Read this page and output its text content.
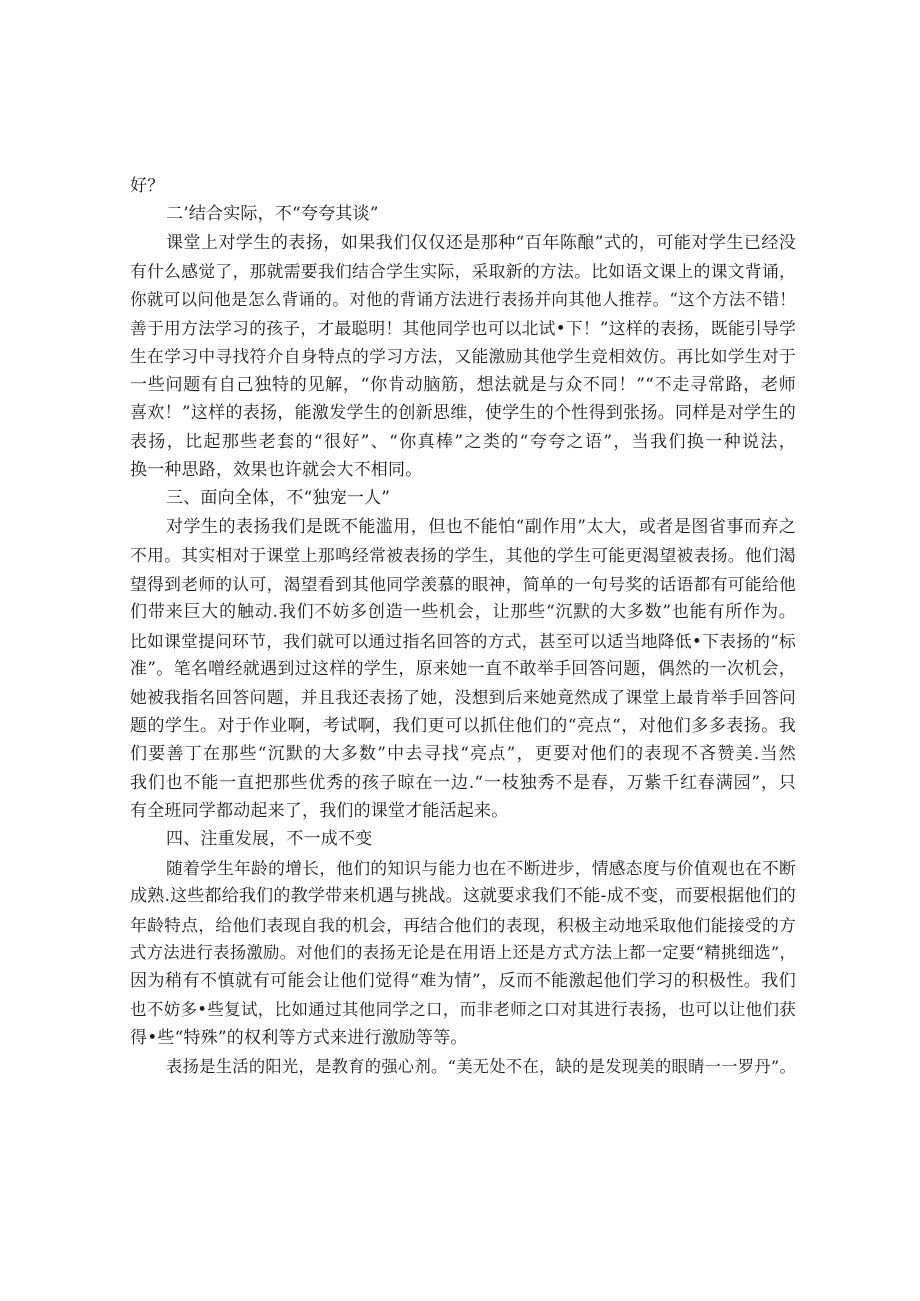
好？
二’结合实际，不“夸夸其谈”
课堂上对学生的表扬，如果我们仅仅还是那种“百年陈酿”式的，可能对学生已经没
有什么感觉了，那就需要我们结合学生实际，采取新的方法。比如语文课上的课文背诵，
你就可以问他是怎么背诵的。对他的背诵方法进行表扬并向其他人推荐。“这个方法不错！
善于用方法学习的孩子，才最聪明！其他同学也可以北试•下！”这样的表扬，既能引导学
生在学习中寻找符介自身特点的学习方法，又能激励其他学生竞相效仿。再比如学生对于
一些问题有自己独特的见解，“你肯动脑筋，想法就是与众不同！”“不走寻常路，老师
喜欢！”这样的表扬，能激发学生的创新思维，使学生的个性得到张扬。同样是对学生的
表扬，比起那些老套的“很好”、“你真棒”之类的“夸夸之语”，当我们换一种说法，
换一种思路，效果也许就会大不相同。
三、面向全体，不“独宠一人”
对学生的表扬我们是既不能滥用，但也不能怕“副作用”太大，或者是图省事而弃之
不用。其实相对于课堂上那鸣经常被表扬的学生，其他的学生可能更渴望被表扬。他们渴
望得到老师的认可，渴望看到其他同学羡慕的眼神，简单的一句号奖的话语都有可能给他
们带来巨大的触动.我们不妨多创造一些机会，让那些“沉默的大多数”也能有所作为。
比如课堂提问环节，我们就可以通过指名回答的方式，甚至可以适当地降低•下表扬的“标
准”。笔名噌经就遇到过这样的学生，原来她一直不敢举手回答问题，偶然的一次机会，
她被我指名回答问题，并且我还表扬了她，没想到后来她竟然成了课堂上最肯举手回答问
题的学生。对于作业啊，考试啊，我们更可以抓住他们的“亮点“，对他们多多表扬。我
们要善丁在那些“沉默的大多数”中去寻找“亮点”，更要对他们的表现不吝赞美.当然
我们也不能一直把那些优秀的孩子晾在一边.“一枝独秀不是春，万紫千红春满园”，只
有全班同学都动起来了，我们的课堂才能活起来。
四、注重发展，不一成不变
随着学生年龄的增长，他们的知识与能力也在不断进步，情感态度与价值观也在不断
成熟.这些都给我们的教学带来机遇与挑战。这就要求我们不能-成不变，而要根据他们的
年龄特点，给他们表现自我的机会，再结合他们的表现，积极主动地采取他们能接受的方
式方法进行表扬激励。对他们的表扬无论是在用语上还是方式方法上都一定要“精挑细选”，
因为稍有不慎就有可能会让他们觉得“难为情”，反而不能激起他们学习的积极性。我们
也不妨多•些复试，比如通过其他同学之口，而非老师之口对其进行表扬，也可以让他们获
得•些“特殊”的权利等方式来进行激励等等。
表扬是生活的阳光，是教育的强心剂。“美无处不在，缺的是发现美的眼睛一一罗丹”。
